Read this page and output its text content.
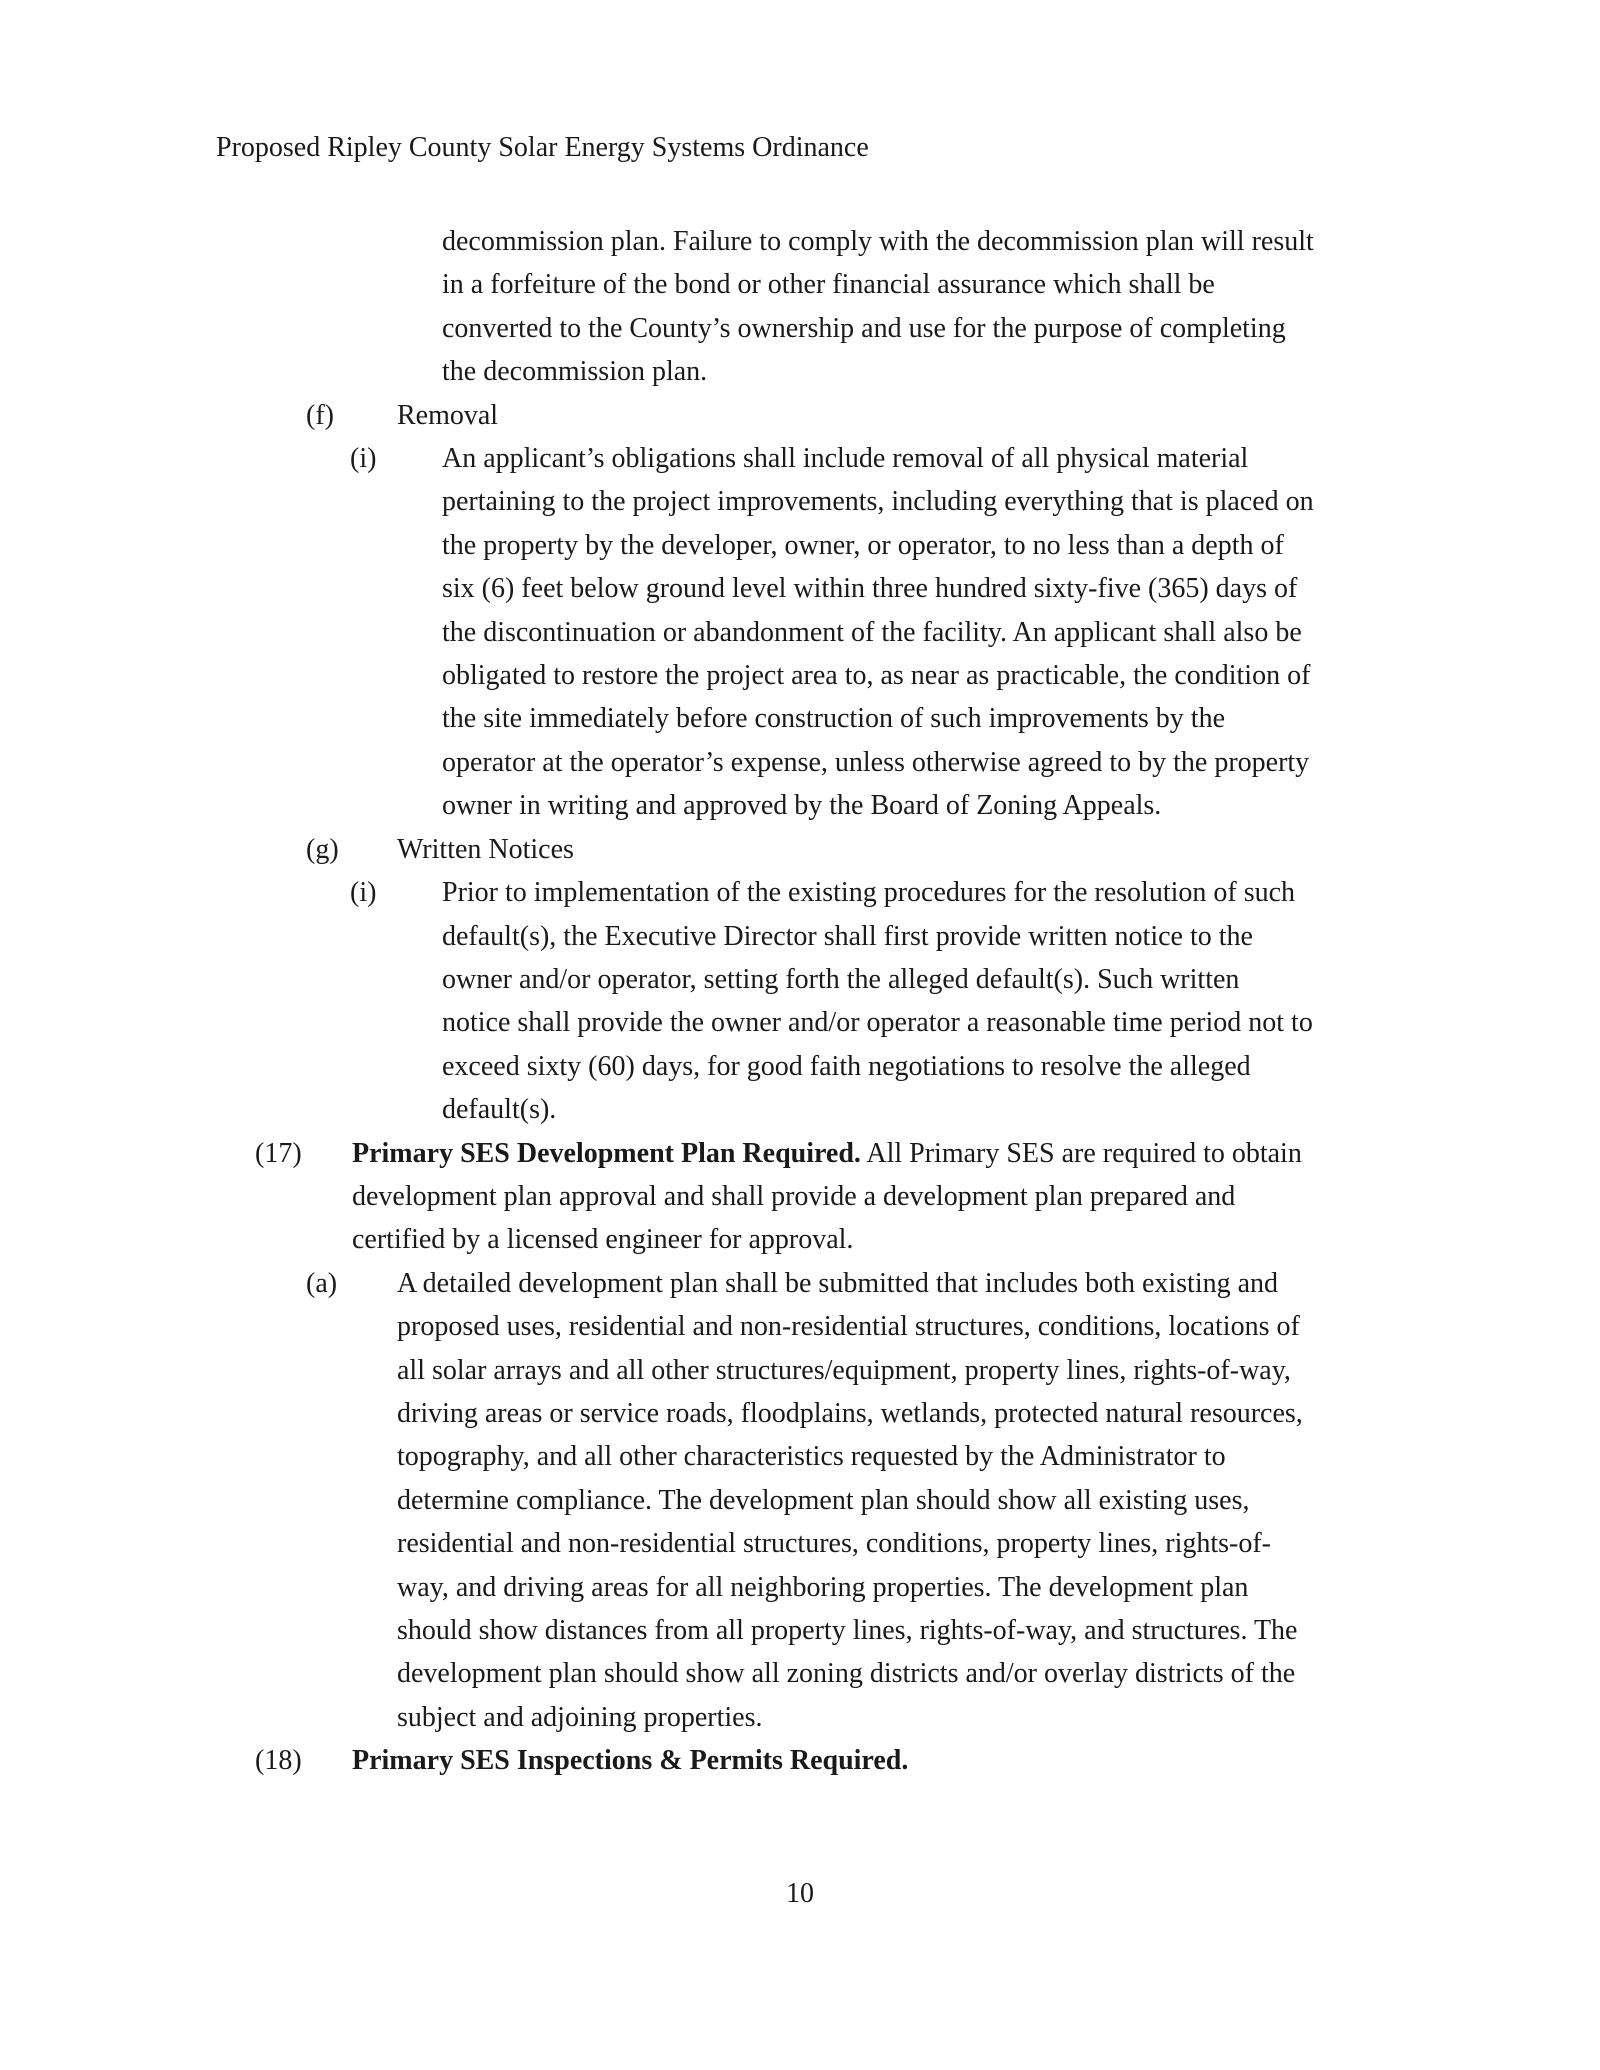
Proposed Ripley County Solar Energy Systems Ordinance
decommission plan. Failure to comply with the decommission plan will result
in a forfeiture of the bond or other financial assurance which shall be
converted to the County’s ownership and use for the purpose of completing
the decommission plan.
(f) Removal
(i) An applicant’s obligations shall include removal of all physical material
pertaining to the project improvements, including everything that is placed on
the property by the developer, owner, or operator, to no less than a depth of
six (6) feet below ground level within three hundred sixty-five (365) days of
the discontinuation or abandonment of the facility. An applicant shall also be
obligated to restore the project area to, as near as practicable, the condition of
the site immediately before construction of such improvements by the
operator at the operator’s expense, unless otherwise agreed to by the property
owner in writing and approved by the Board of Zoning Appeals.
(g) Written Notices
(i) Prior to implementation of the existing procedures for the resolution of such
default(s), the Executive Director shall first provide written notice to the
owner and/or operator, setting forth the alleged default(s). Such written
notice shall provide the owner and/or operator a reasonable time period not to
exceed sixty (60) days, for good faith negotiations to resolve the alleged
default(s).
(17) Primary SES Development Plan Required. All Primary SES are required to obtain
development plan approval and shall provide a development plan prepared and
certified by a licensed engineer for approval.
(a) A detailed development plan shall be submitted that includes both existing and
proposed uses, residential and non-residential structures, conditions, locations of
all solar arrays and all other structures/equipment, property lines, rights-of-way,
driving areas or service roads, floodplains, wetlands, protected natural resources,
topography, and all other characteristics requested by the Administrator to
determine compliance. The development plan should show all existing uses,
residential and non-residential structures, conditions, property lines, rights-of-
way, and driving areas for all neighboring properties. The development plan
should show distances from all property lines, rights-of-way, and structures. The
development plan should show all zoning districts and/or overlay districts of the
subject and adjoining properties.
(18) Primary SES Inspections & Permits Required.
10
